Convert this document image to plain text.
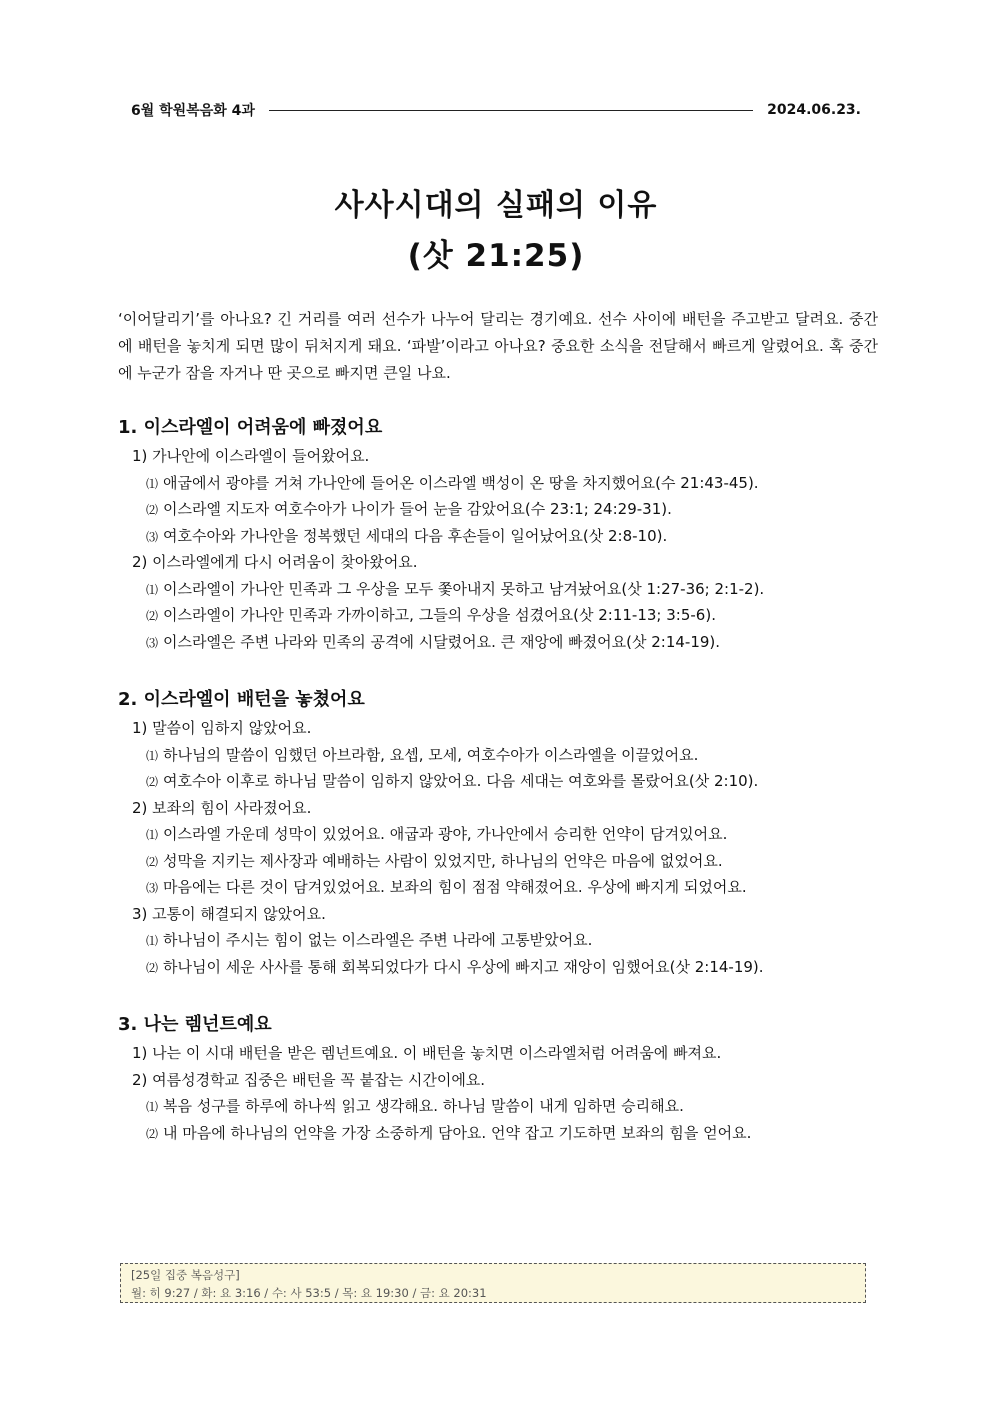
6월 학원복음화 4과	2024.06.23.
사사시대의 실패의 이유
(삿 21:25)
‘이어달리기’를 아나요? 긴 거리를 여러 선수가 나누어 달리는 경기예요. 선수 사이에 배턴을 주고받고 달려요. 중간에 배턴을 놓치게 되면 많이 뒤처지게 돼요. ‘파발’이라고 아나요? 중요한 소식을 전달해서 빠르게 알렸어요. 혹 중간에 누군가 잠을 자거나 딴 곳으로 빠지면 큰일 나요.
1. 이스라엘이 어려움에 빠졌어요
1) 가나안에 이스라엘이 들어왔어요.
⑴ 애굽에서 광야를 거쳐 가나안에 들어온 이스라엘 백성이 온 땅을 차지했어요(수 21:43-45).
⑵ 이스라엘 지도자 여호수아가 나이가 들어 눈을 감았어요(수 23:1; 24:29-31).
⑶ 여호수아와 가나안을 정복했던 세대의 다음 후손들이 일어났어요(삿 2:8-10).
2) 이스라엘에게 다시 어려움이 찾아왔어요.
⑴ 이스라엘이 가나안 민족과 그 우상을 모두 쫓아내지 못하고 남겨놨어요(삿 1:27-36; 2:1-2).
⑵ 이스라엘이 가나안 민족과 가까이하고, 그들의 우상을 섬겼어요(삿 2:11-13; 3:5-6).
⑶ 이스라엘은 주변 나라와 민족의 공격에 시달렸어요. 큰 재앙에 빠졌어요(삿 2:14-19).
2. 이스라엘이 배턴을 놓쳤어요
1) 말씀이 임하지 않았어요.
⑴ 하나님의 말씀이 임했던 아브라함, 요셉, 모세, 여호수아가 이스라엘을 이끌었어요.
⑵ 여호수아 이후로 하나님 말씀이 임하지 않았어요. 다음 세대는 여호와를 몰랐어요(삿 2:10).
2) 보좌의 힘이 사라졌어요.
⑴ 이스라엘 가운데 성막이 있었어요. 애굽과 광야, 가나안에서 승리한 언약이 담겨있어요.
⑵ 성막을 지키는 제사장과 예배하는 사람이 있었지만, 하나님의 언약은 마음에 없었어요.
⑶ 마음에는 다른 것이 담겨있었어요. 보좌의 힘이 점점 약해졌어요. 우상에 빠지게 되었어요.
3) 고통이 해결되지 않았어요.
⑴ 하나님이 주시는 힘이 없는 이스라엘은 주변 나라에 고통받았어요.
⑵ 하나님이 세운 사사를 통해 회복되었다가 다시 우상에 빠지고 재앙이 임했어요(삿 2:14-19).
3. 나는 렘넌트예요
1) 나는 이 시대 배턴을 받은 렘넌트예요. 이 배턴을 놓치면 이스라엘처럼 어려움에 빠져요.
2) 여름성경학교 집중은 배턴을 꼭 붙잡는 시간이에요.
⑴ 복음 성구를 하루에 하나씩 읽고 생각해요. 하나님 말씀이 내게 임하면 승리해요.
⑵ 내 마음에 하나님의 언약을 가장 소중하게 담아요. 언약 잡고 기도하면 보좌의 힘을 얻어요.
[25일 집중 복음성구]
월: 히 9:27 / 화: 요 3:16 / 수: 사 53:5 / 목: 요 19:30 / 금: 요 20:31
